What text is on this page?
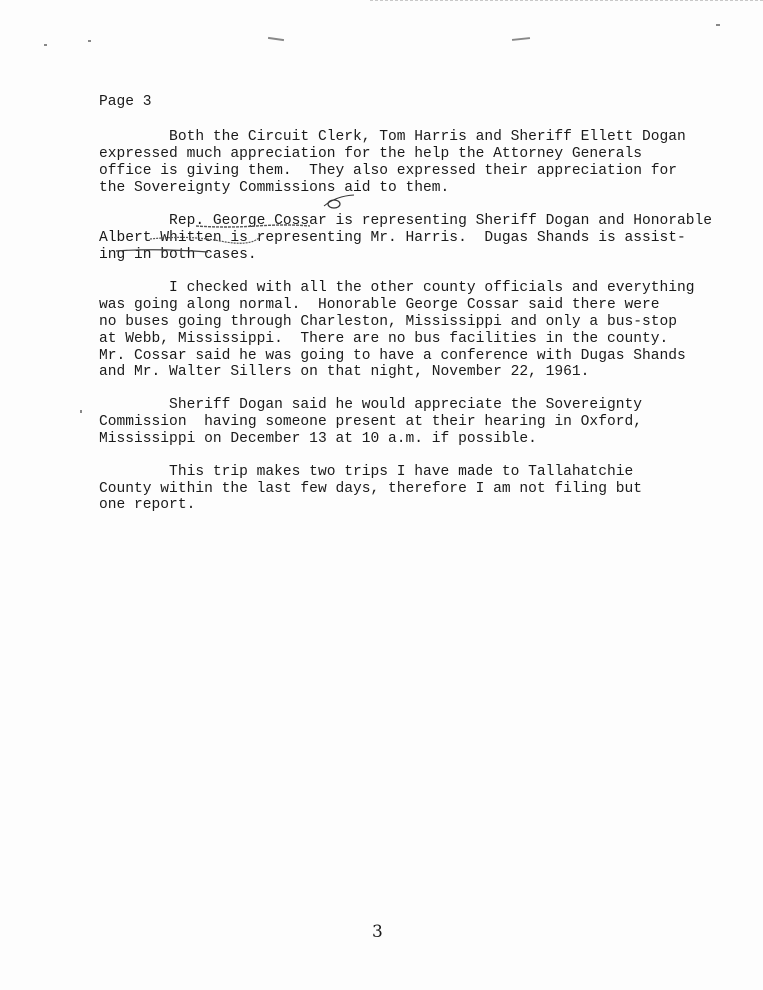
Page 3
Both the Circuit Clerk, Tom Harris and Sheriff Ellett Dogan
expressed much appreciation for the help the Attorney Generals
office is giving them.  They also expressed their appreciation for
the Sovereignty Commissions aid to them.
Rep. George Cossar is representing Sheriff Dogan and Honorable
Albert Whitten is representing Mr. Harris.  Dugas Shands is assist-
ing in both cases.
I checked with all the other county officials and everything
was going along normal.  Honorable George Cossar said there were
no buses going through Charleston, Mississippi and only a bus-stop
at Webb, Mississippi.  There are no bus facilities in the county.
Mr. Cossar said he was going to have a conference with Dugas Shands
and Mr. Walter Sillers on that night, November 22, 1961.
Sheriff Dogan said he would appreciate the Sovereignty
Commission  having someone present at their hearing in Oxford,
Mississippi on December 13 at 10 a.m. if possible.
This trip makes two trips I have made to Tallahatchie
County within the last few days, therefore I am not filing but
one report.
3
